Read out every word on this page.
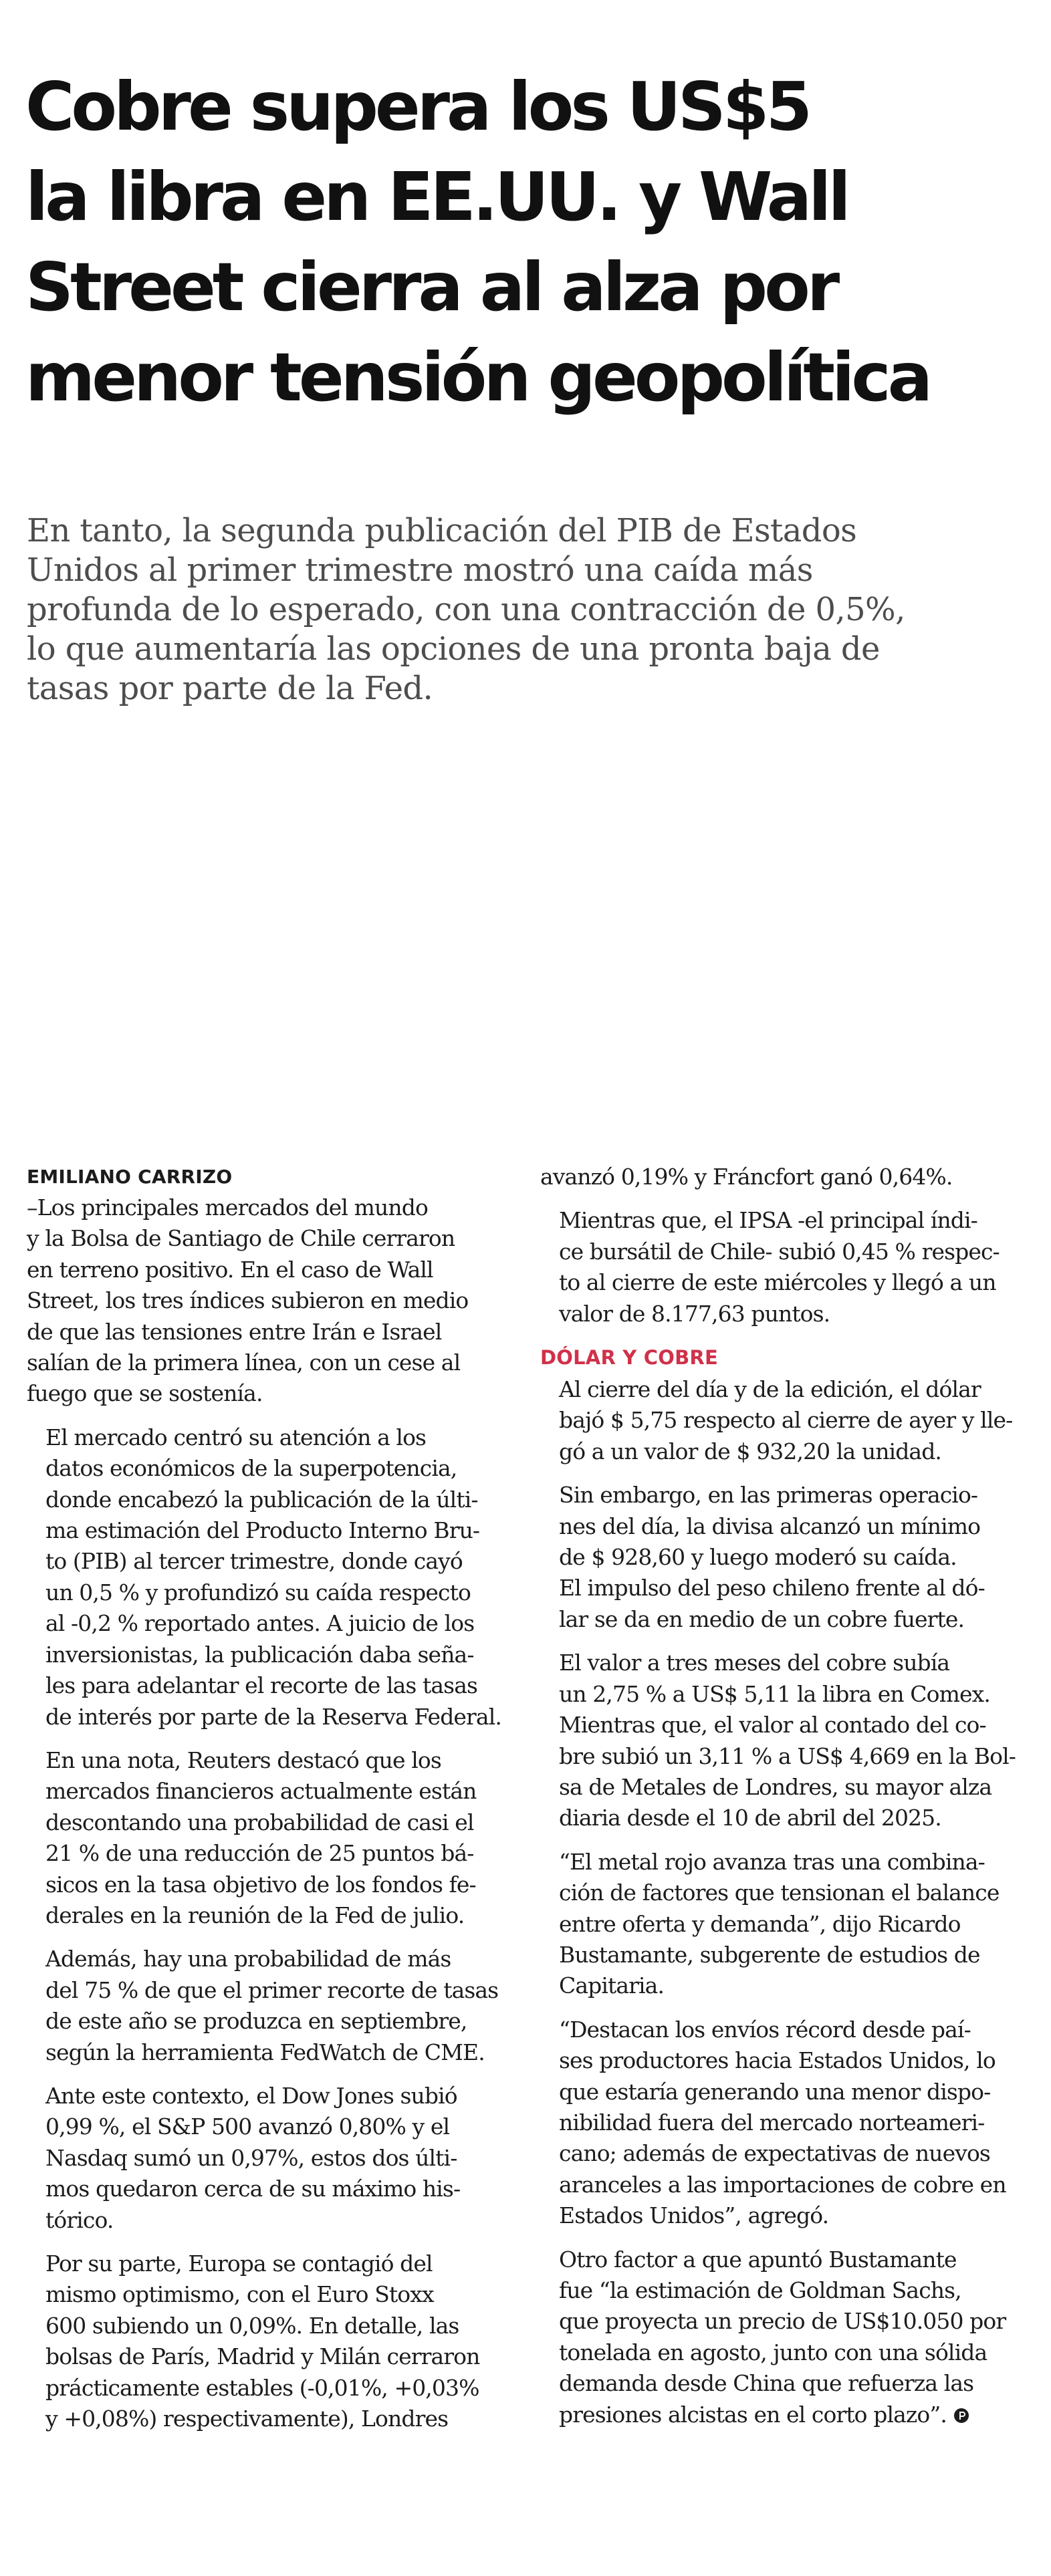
Cobre supera los US$5
la libra en EE.UU. y Wall
Street cierra al alza por
menor tensión geopolítica

En tanto, la segunda publicación del PIB de Estados
Unidos al primer trimestre mostró una caída más
profunda de lo esperado, con una contracción de 0,5%,
lo que aumentaría las opciones de una pronta baja de
tasas por parte de la Fed.

EMILIANO CARRIZO

–Los principales mercados del mundo
y la Bolsa de Santiago de Chile cerraron
en terreno positivo. En el caso de Wall
Street, los tres índices subieron en medio
de que las tensiones entre Irán e Israel
salían de la primera línea, con un cese al
fuego que se sostenía.

El mercado centró su atención a los
datos económicos de la superpotencia,
donde encabezó la publicación de la últi-
ma estimación del Producto Interno Bru-
to (PIB) al tercer trimestre, donde cayó
un 0,5 % y profundizó su caída respecto
al -0,2 % reportado antes. A juicio de los
inversionistas, la publicación daba seña-
les para adelantar el recorte de las tasas
de interés por parte de la Reserva Federal.

En una nota, Reuters destacó que los
mercados financieros actualmente están
descontando una probabilidad de casi el
21 % de una reducción de 25 puntos bá-
sicos en la tasa objetivo de los fondos fe-
derales en la reunión de la Fed de julio.

Además, hay una probabilidad de más
del 75 % de que el primer recorte de tasas
de este año se produzca en septiembre,
según la herramienta FedWatch de CME.

Ante este contexto, el Dow Jones subió
0,99 %, el S&P 500 avanzó 0,80% y el
Nasdaq sumó un 0,97%, estos dos últi-
mos quedaron cerca de su máximo his-
tórico.

Por su parte, Europa se contagió del
mismo optimismo, con el Euro Stoxx
600 subiendo un 0,09%. En detalle, las
bolsas de París, Madrid y Milán cerraron
prácticamente estables (-0,01%, +0,03%
y +0,08%) respectivamente), Londres

avanzó 0,19% y Fráncfort ganó 0,64%.

Mientras que, el IPSA -el principal índi-
ce bursátil de Chile- subió 0,45 % respec-
to al cierre de este miércoles y llegó a un
valor de 8.177,63 puntos.

DÓLAR Y COBRE

Al cierre del día y de la edición, el dólar
bajó $ 5,75 respecto al cierre de ayer y lle-
gó a un valor de $ 932,20 la unidad.

Sin embargo, en las primeras operacio-
nes del día, la divisa alcanzó un mínimo
de $ 928,60 y luego moderó su caída.
El impulso del peso chileno frente al dó-
lar se da en medio de un cobre fuerte.

El valor a tres meses del cobre subía
un 2,75 % a US$ 5,11 la libra en Comex.
Mientras que, el valor al contado del co-
bre subió un 3,11 % a US$ 4,669 en la Bol-
sa de Metales de Londres, su mayor alza
diaria desde el 10 de abril del 2025.

“El metal rojo avanza tras una combina-
ción de factores que tensionan el balance
entre oferta y demanda”, dijo Ricardo
Bustamante, subgerente de estudios de
Capitaria.

“Destacan los envíos récord desde paí-
ses productores hacia Estados Unidos, lo
que estaría generando una menor dispo-
nibilidad fuera del mercado norteameri-
cano; además de expectativas de nuevos
aranceles a las importaciones de cobre en
Estados Unidos”, agregó.

Otro factor a que apuntó Bustamante
fue “la estimación de Goldman Sachs,
que proyecta un precio de US$10.050 por
tonelada en agosto, junto con una sólida
demanda desde China que refuerza las
presiones alcistas en el corto plazo”.
